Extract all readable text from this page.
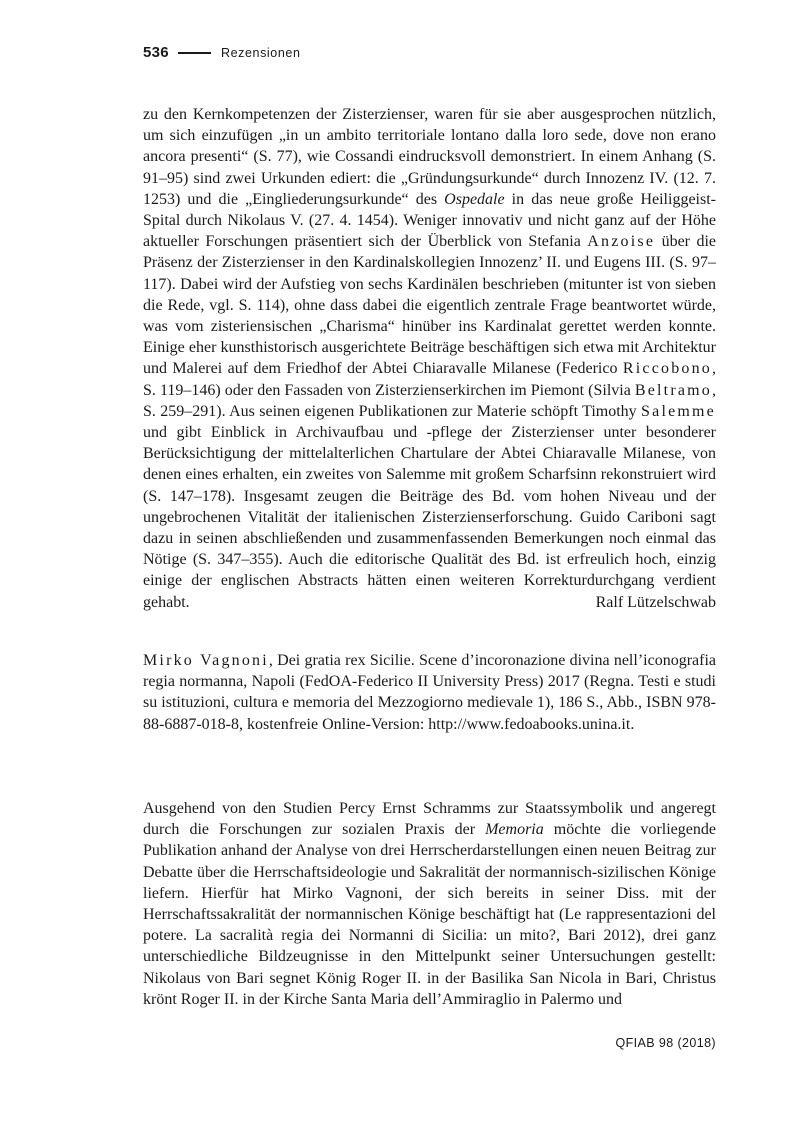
536	Rezensionen

zu den Kernkompetenzen der Zisterzienser, waren für sie aber ausgesprochen nützlich, um sich einzufügen „in un ambito territoriale lontano dalla loro sede, dove non erano ancora presenti“ (S. 77), wie Cossandi eindrucksvoll demonstriert. In einem Anhang (S. 91–95) sind zwei Urkunden ediert: die „Gründungsurkunde“ durch Innozenz IV. (12. 7. 1253) und die „Eingliederungsurkunde“ des Ospedale in das neue große Heiliggeist-Spital durch Nikolaus V. (27. 4. 1454). Weniger innovativ und nicht ganz auf der Höhe aktueller Forschungen präsentiert sich der Überblick von Stefania Anzoise über die Präsenz der Zisterzienser in den Kardinalskollegien Innozenz’ II. und Eugens III. (S. 97–117). Dabei wird der Aufstieg von sechs Kardinälen beschrieben (mitunter ist von sieben die Rede, vgl. S. 114), ohne dass dabei die eigentlich zentrale Frage beantwortet würde, was vom zisteriensischen „Charisma“ hinüber ins Kardinalat gerettet werden konnte. Einige eher kunsthistorisch ausgerichtete Beiträge beschäftigen sich etwa mit Architektur und Malerei auf dem Friedhof der Abtei Chiaravalle Milanese (Federico Riccobono, S. 119–146) oder den Fassaden von Zisterzienserkirchen im Piemont (Silvia Beltramo, S. 259–291). Aus seinen eigenen Publikationen zur Materie schöpft Timothy Salemme und gibt Einblick in Archivaufbau und -pflege der Zisterzienser unter besonderer Berücksichtigung der mittelalterlichen Chartulare der Abtei Chiaravalle Milanese, von denen eines erhalten, ein zweites von Salemme mit großem Scharfsinn rekonstruiert wird (S. 147–178). Insgesamt zeugen die Beiträge des Bd. vom hohen Niveau und der ungebrochenen Vitalität der italienischen Zisterzienserforschung. Guido Cariboni sagt dazu in seinen abschließenden und zusammenfassenden Bemerkungen noch einmal das Nötige (S. 347–355). Auch die editorische Qualität des Bd. ist erfreulich hoch, einzig einige der englischen Abstracts hätten einen weiteren Korrekturdurchgang verdient gehabt.	Ralf Lützelschwab

Mirko Vagnoni, Dei gratia rex Sicilie. Scene d’incoronazione divina nell’iconografia regia normanna, Napoli (FedOA-Federico II University Press) 2017 (Regna. Testi e studi su istituzioni, cultura e memoria del Mezzogiorno medievale 1), 186 S., Abb., ISBN 978-88-6887-018-8, kostenfreie Online-Version: http://www.fedoabooks.unina.it.

Ausgehend von den Studien Percy Ernst Schramms zur Staatssymbolik und angeregt durch die Forschungen zur sozialen Praxis der Memoria möchte die vorliegende Publikation anhand der Analyse von drei Herrscherdarstellungen einen neuen Beitrag zur Debatte über die Herrschaftsideologie und Sakralität der normannisch-sizilischen Könige liefern. Hierfür hat Mirko Vagnoni, der sich bereits in seiner Diss. mit der Herrschaftssakralität der normannischen Könige beschäftigt hat (Le rappresentazioni del potere. La sacralità regia dei Normanni di Sicilia: un mito?, Bari 2012), drei ganz unterschiedliche Bildzeugnisse in den Mittelpunkt seiner Untersuchungen gestellt: Nikolaus von Bari segnet König Roger II. in der Basilika San Nicola in Bari, Christus krönt Roger II. in der Kirche Santa Maria dell’Ammiraglio in Palermo und

QFIAB 98 (2018)
